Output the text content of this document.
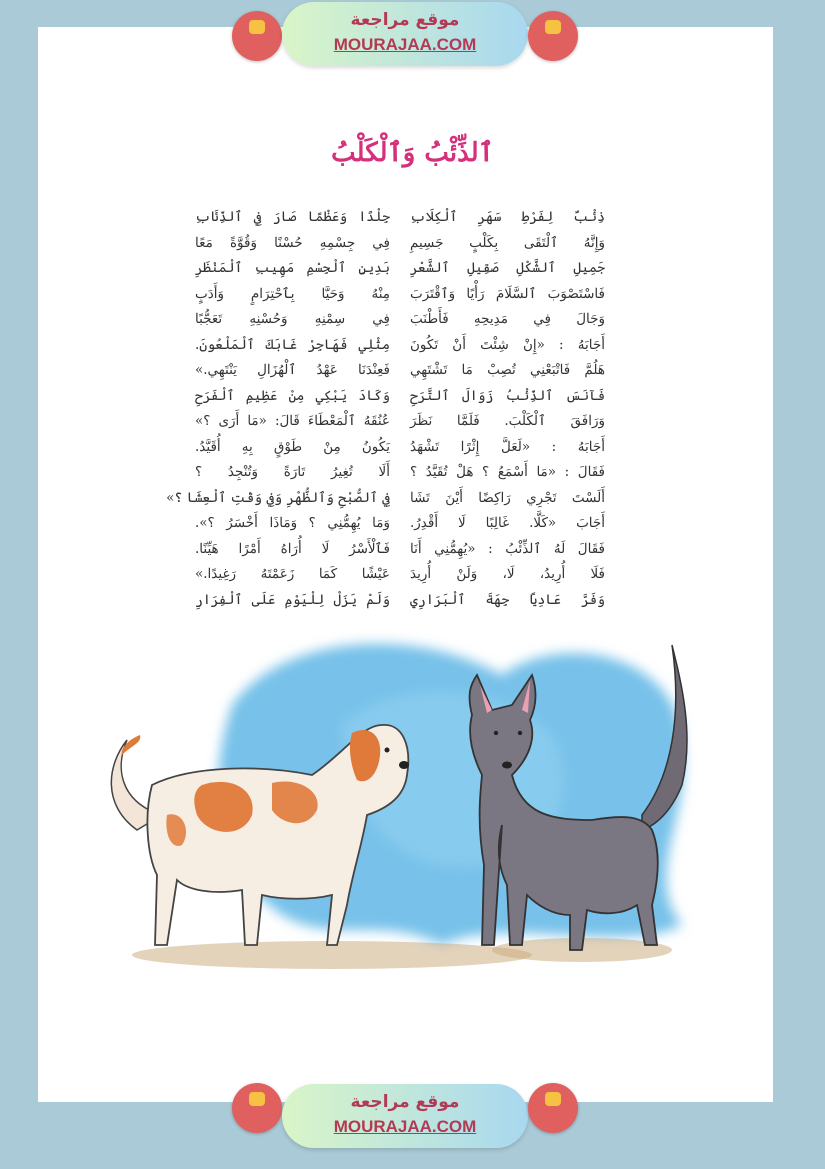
موقع مراجعة
MOURAJAA.COM
ٱلذِّئْبُ وَٱلْكَلْبُ
ذِئْبٌ لِفَرْطِ سَهَرِ ٱلْكِلَابِ
جِلْدًا وَعَظْمًا صَارَ فِي ٱلذِّئَابِ
وَإِنَّهُ ٱلْتَقَى بِكَلْبٍ جَسِيمِ
فِي جِسْمِهِ حُسْنًا وَقُوَّةً مَعًا
جَمِيلِ ٱلشَّكْلِ صَقِيلِ ٱلشَّعْرِ
بَدِينِ ٱلْجِسْمِ مَهِيبِ ٱلْمَنْظَرِ
فَاسْتَصْوَبَ ٱلسَّلَامَ رَأْيًا وَٱقْتَرَبَ
مِنْهُ وَحَيَّا بِٱحْتِرَامٍ وَأَدَبٍ
وَجَالَ فِي مَدِيحِهِ فَأَطْنَبَ
فِي سِمْنِهِ وَحُسْنِهِ تَعَجُّبًا
أَجَابَهُ : «إِنْ شِئْتَ أَنْ تَكُونَ
مِثْلِي فَهَاجِرْ غَابَكَ ٱلْمَلْعُونَ.
هَلُمَّ فَاتْبَعْنِي تُصِبْ مَا تَشْتَهِي
فَعِنْدَنَا عَهْدُ ٱلْهُزَالِ يَنْتَهِي.»
فَآنَسَ ٱلذِّئْبُ زَوَالَ ٱلتَّرَحِ
وَكَادَ يَبْكِي مِنْ عَظِيمِ ٱلْفَرَحِ
وَرَافَقَ ٱلْكَلْبَ. فَلَمَّا نَظَرَ
عُنُقَهُ ٱلْمَعْطَاءَ قَالَ: «مَا أَرَى ؟»
أَجَابَهُ : «لَعَلَّ إِثْرًا تَشْهَدُ
يَكُونُ مِنْ طَوْقٍ بِهِ أُقَيَّدُ.
فَقَالَ : «مَا أَسْمَعُ ؟ هَلْ تُقَيَّدُ ؟
أَلَا تُغِيرُ تَارَةً وَتُنْجِدُ ؟
أَلَسْتَ تَجْرِي رَاكِضًا أَيْنَ تَشَا
فِي ٱلصُّبْحِ وَٱلظُّهْرِ وَفِي وَقْتِ ٱلْعِشَا ؟»
أَجَابَ «كَلَّا. غَالِبًا لَا أَقْدِرُ.
وَمَا يُهِمُّنِي ؟ وَمَاذَا أَخْسَرُ ؟».
فَقَالَ لَهُ ٱلذِّئْبُ : «يُهِمُّنِي أَنَا
فَٱلْأَسْرُ لَا أُرَاهُ أَمْرًا هَيِّنًا.
فَلَا أُرِيدُ، لَا، وَلَنْ أُرِيدَ
عَيْشًا كَمَا زَعَمْتَهُ رَغِيدًا.»
وَفَرَّ عَادِيًا جِهَةَ ٱلْبَرَارِي
وَلَمْ يَزَلْ لِلْيَوْمِ عَلَى ٱلْفِرَارِ
موقع مراجعة
MOURAJAA.COM
